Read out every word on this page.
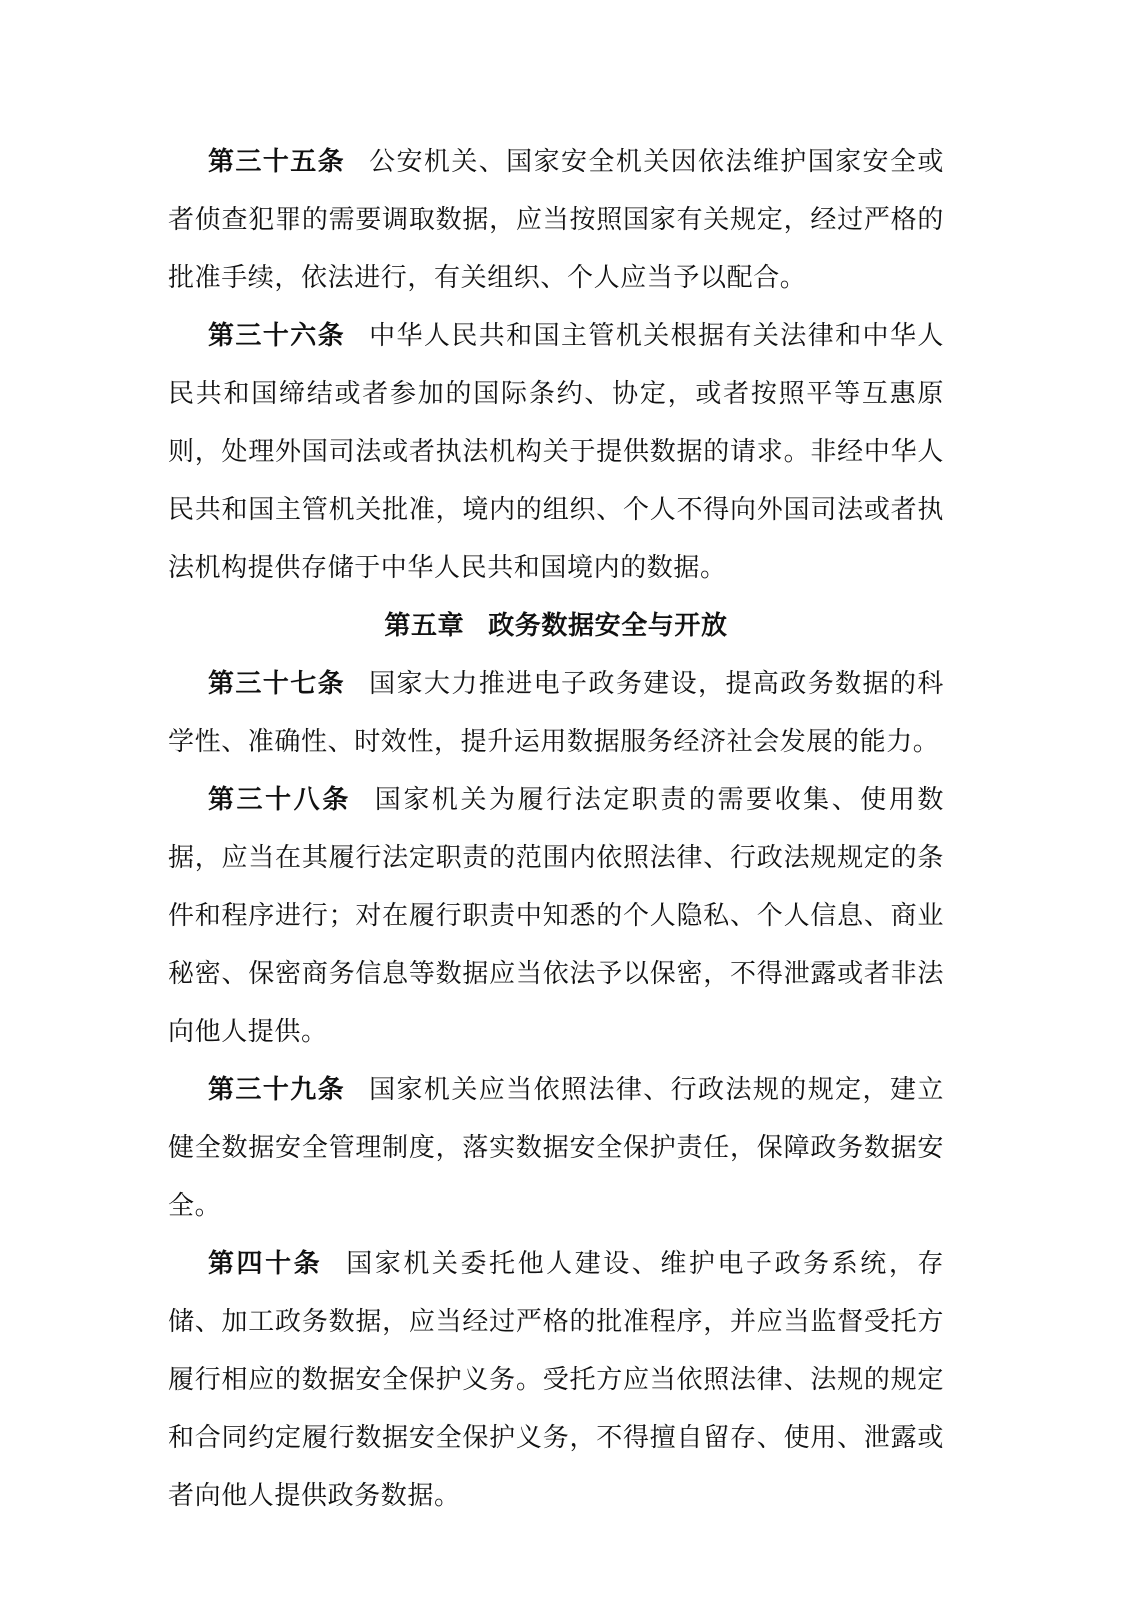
第三十五条 公安机关、国家安全机关因依法维护国家安全或者侦查犯罪的需要调取数据，应当按照国家有关规定，经过严格的批准手续，依法进行，有关组织、个人应当予以配合。

第三十六条 中华人民共和国主管机关根据有关法律和中华人民共和国缔结或者参加的国际条约、协定，或者按照平等互惠原则，处理外国司法或者执法机构关于提供数据的请求。非经中华人民共和国主管机关批准，境内的组织、个人不得向外国司法或者执法机构提供存储于中华人民共和国境内的数据。

第五章 政务数据安全与开放

第三十七条 国家大力推进电子政务建设，提高政务数据的科学性、准确性、时效性，提升运用数据服务经济社会发展的能力。

第三十八条 国家机关为履行法定职责的需要收集、使用数据，应当在其履行法定职责的范围内依照法律、行政法规规定的条件和程序进行；对在履行职责中知悉的个人隐私、个人信息、商业秘密、保密商务信息等数据应当依法予以保密，不得泄露或者非法向他人提供。

第三十九条 国家机关应当依照法律、行政法规的规定，建立健全数据安全管理制度，落实数据安全保护责任，保障政务数据安全。

第四十条 国家机关委托他人建设、维护电子政务系统，存储、加工政务数据，应当经过严格的批准程序，并应当监督受托方履行相应的数据安全保护义务。受托方应当依照法律、法规的规定和合同约定履行数据安全保护义务，不得擅自留存、使用、泄露或者向他人提供政务数据。
